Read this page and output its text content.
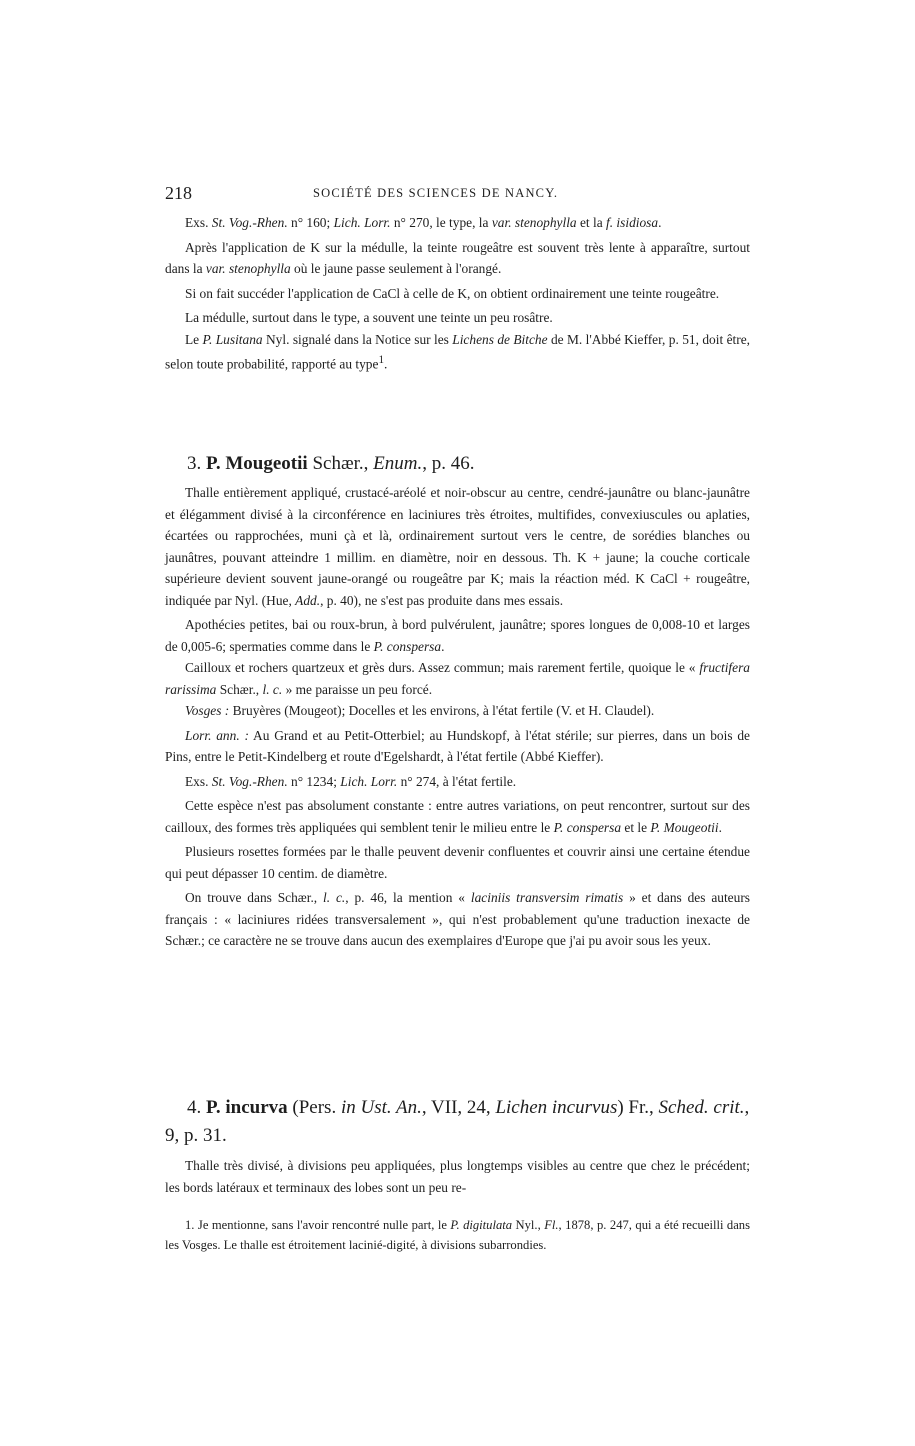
218	SOCIÉTÉ DES SCIENCES DE NANCY.

Exs. St. Vog.-Rhen. n° 160; Lich. Lorr. n° 270, le type, la var. stenophylla et la f. isidiosa.

Après l'application de K sur la médulle, la teinte rougeâtre est souvent très lente à apparaître, surtout dans la var. stenophylla où le jaune passe seulement à l'orangé.

Si on fait succéder l'application de CaCl à celle de K, on obtient ordinairement une teinte rougeâtre.

La médulle, surtout dans le type, a souvent une teinte un peu rosâtre.

Le P. Lusitana Nyl. signalé dans la Notice sur les Lichens de Bitche de M. l'Abbé Kieffer, p. 51, doit être, selon toute probabilité, rapporté au type$^1$.

3. P. Mougeotii Schær., Enum., p. 46.

Thalle entièrement appliqué, crustacé-aréolé et noir-obscur au centre, cendré-jaunâtre ou blanc-jaunâtre et élégamment divisé à la circonférence en laciniures très étroites, multifides, convexiuscules ou aplaties, écartées ou rapprochées, muni çà et là, ordinairement surtout vers le centre, de sorédies blanches ou jaunâtres, pouvant atteindre 1 millim. en diamètre, noir en dessous. Th. K + jaune; la couche corticale supérieure devient souvent jaune-orangé ou rougeâtre par K; mais la réaction méd. K CaCl + rougeâtre, indiquée par Nyl. (Hue, Add., p. 40), ne s'est pas produite dans mes essais.

Apothécies petites, bai ou roux-brun, à bord pulvérulent, jaunâtre; spores longues de 0,008-10 et larges de 0,005-6; spermaties comme dans le P. conspersa.

Cailloux et rochers quartzeux et grès durs. Assez commun; mais rarement fertile, quoique le « fructifera rarissima Schær., l. c. » me paraisse un peu forcé.

Vosges : Bruyères (Mougeot); Docelles et les environs, à l'état fertile (V. et H. Claudel).

Lorr. ann. : Au Grand et au Petit-Otterbiel; au Hundskopf, à l'état stérile; sur pierres, dans un bois de Pins, entre le Petit-Kindelberg et route d'Egelshardt, à l'état fertile (Abbé Kieffer).

Exs. St. Vog.-Rhen. n° 1234; Lich. Lorr. n° 274, à l'état fertile.

Cette espèce n'est pas absolument constante : entre autres variations, on peut rencontrer, surtout sur des cailloux, des formes très appliquées qui semblent tenir le milieu entre le P. conspersa et le P. Mougeotii.

Plusieurs rosettes formées par le thalle peuvent devenir confluentes et couvrir ainsi une certaine étendue qui peut dépasser 10 centim. de diamètre.

On trouve dans Schær., l. c., p. 46, la mention « laciniis transversim rimatis » et dans des auteurs français : « laciniures ridées transversalement », qui n'est probablement qu'une traduction inexacte de Schær.; ce caractère ne se trouve dans aucun des exemplaires d'Europe que j'ai pu avoir sous les yeux.

4. P. incurva (Pers. in Ust. An., VII, 24, Lichen incurvus) Fr., Sched. crit., 9, p. 31.

Thalle très divisé, à divisions peu appliquées, plus longtemps visibles au centre que chez le précédent; les bords latéraux et terminaux des lobes sont un peu re-

1. Je mentionne, sans l'avoir rencontré nulle part, le P. digitulata Nyl., Fl., 1878, p. 247, qui a été recueilli dans les Vosges. Le thalle est étroitement lacinié-digité, à divisions subarrondies.
